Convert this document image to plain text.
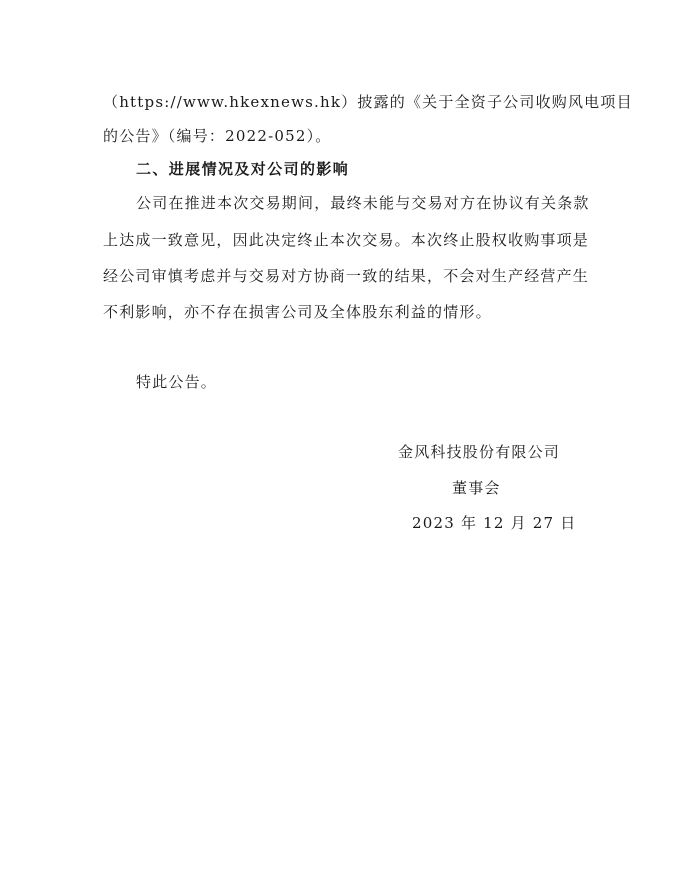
（https://www.hkexnews.hk）披露的《关于全资子公司收购风电项目
的公告》（编号：2022-052）。
二、进展情况及对公司的影响
公司在推进本次交易期间，最终未能与交易对方在协议有关条款
上达成一致意见，因此决定终止本次交易。本次终止股权收购事项是
经公司审慎考虑并与交易对方协商一致的结果，不会对生产经营产生
不利影响，亦不存在损害公司及全体股东利益的情形。
特此公告。
金风科技股份有限公司
董事会
2023 年 12 月 27 日
